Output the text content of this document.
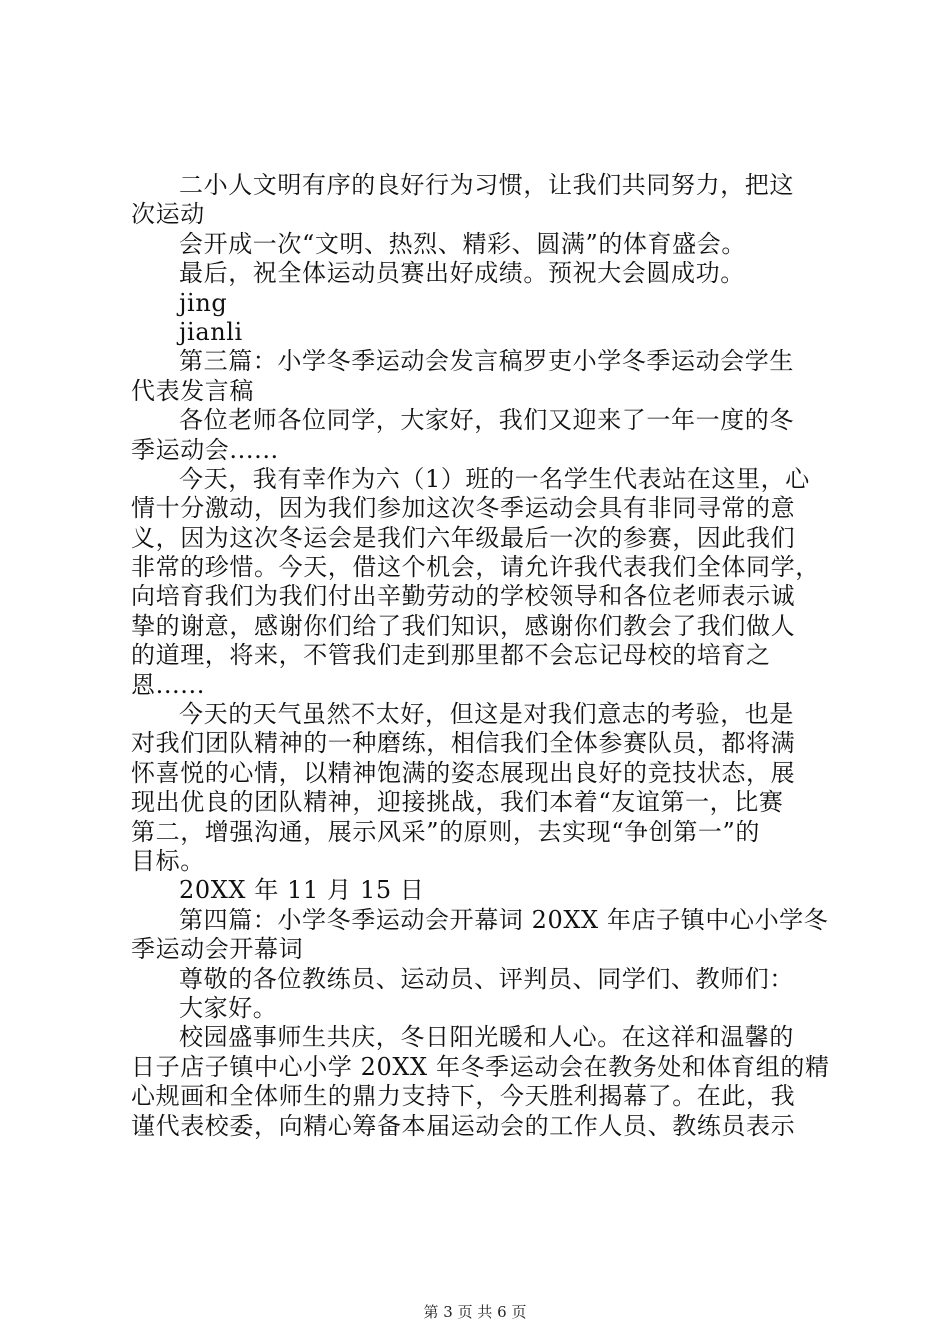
二小人文明有序的良好行为习惯，让我们共同努力，把这
次运动
会开成一次“文明、热烈、精彩、圆满”的体育盛会。
最后，祝全体运动员赛出好成绩。预祝大会圆成功。
jing
jianli
第三篇：小学冬季运动会发言稿罗吏小学冬季运动会学生
代表发言稿
各位老师各位同学，大家好，我们又迎来了一年一度的冬
季运动会......
今天，我有幸作为六（1）班的一名学生代表站在这里，心
情十分激动，因为我们参加这次冬季运动会具有非同寻常的意
义，因为这次冬运会是我们六年级最后一次的参赛，因此我们
非常的珍惜。今天，借这个机会，请允许我代表我们全体同学，
向培育我们为我们付出辛勤劳动的学校领导和各位老师表示诚
挚的谢意，感谢你们给了我们知识，感谢你们教会了我们做人
的道理，将来，不管我们走到那里都不会忘记母校的培育之
恩......
今天的天气虽然不太好，但这是对我们意志的考验，也是
对我们团队精神的一种磨练，相信我们全体参赛队员，都将满
怀喜悦的心情，以精神饱满的姿态展现出良好的竞技状态，展
现出优良的团队精神，迎接挑战，我们本着“友谊第一，比赛
第二，增强沟通，展示风采”的原则，去实现“争创第一”的
目标。
20XX 年 11 月 15 日
第四篇：小学冬季运动会开幕词 20XX 年店子镇中心小学冬
季运动会开幕词
尊敬的各位教练员、运动员、评判员、同学们、教师们：
大家好。
校园盛事师生共庆，冬日阳光暖和人心。在这祥和温馨的
日子店子镇中心小学 20XX 年冬季运动会在教务处和体育组的精
心规画和全体师生的鼎力支持下，今天胜利揭幕了。在此，我
谨代表校委，向精心筹备本届运动会的工作人员、教练员表示
第 3 页 共 6 页
